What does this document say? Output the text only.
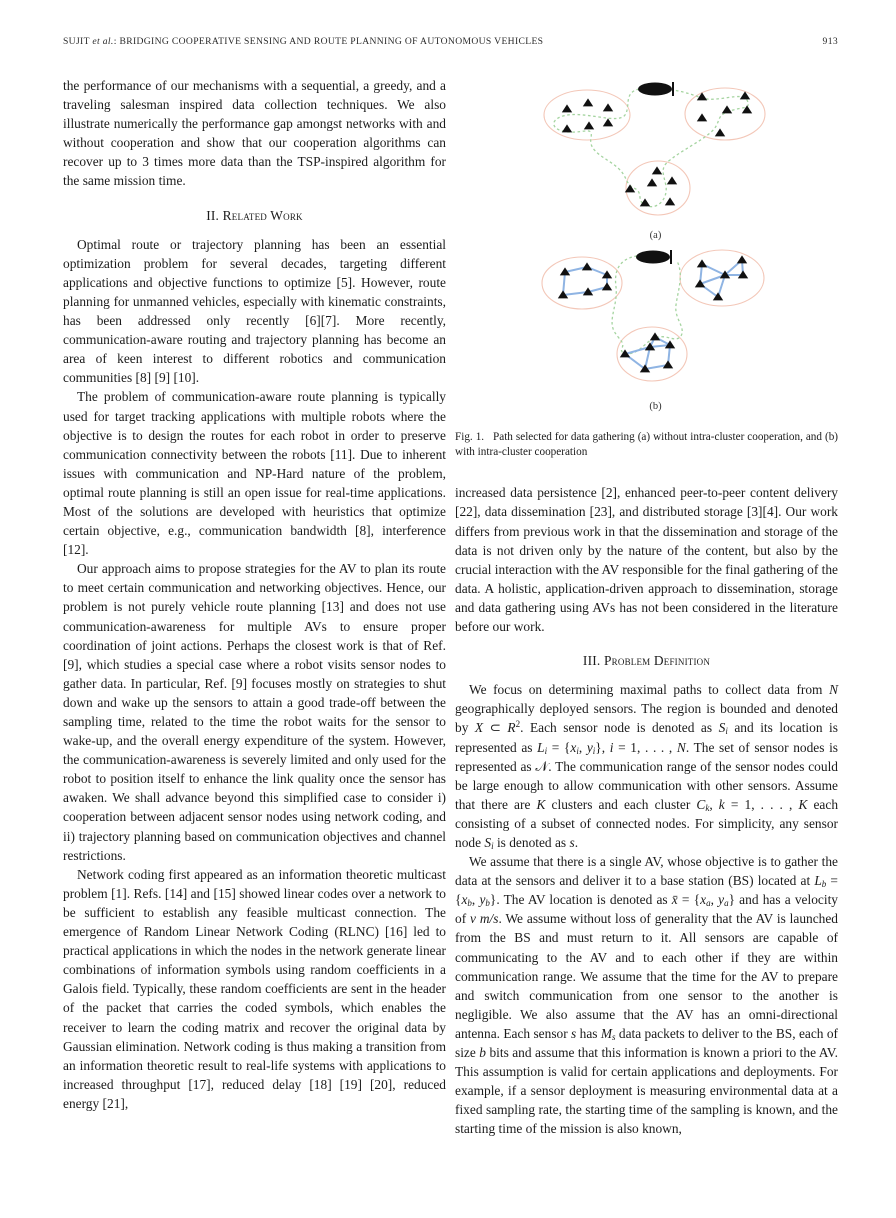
SUJIT et al.: BRIDGING COOPERATIVE SENSING AND ROUTE PLANNING OF AUTONOMOUS VEHICLES	913

the performance of our mechanisms with a sequential, a greedy, and a traveling salesman inspired data collection techniques. We also illustrate numerically the performance gap amongst networks with and without cooperation and show that our cooperation algorithms can recover up to 3 times more data than the TSP-inspired algorithm for the same mission time.

II. Related Work

Optimal route or trajectory planning has been an essential optimization problem for several decades, targeting different applications and objective functions to optimize [5]. However, route planning for unmanned vehicles, especially with kinematic constraints, has been addressed only recently [6][7]. More recently, communication-aware routing and trajectory planning has become an area of keen interest to different robotics and communication communities [8] [9] [10].

The problem of communication-aware route planning is typically used for target tracking applications with multiple robots where the objective is to design the routes for each robot in order to preserve communication connectivity between the robots [11]. Due to inherent issues with communication and NP-Hard nature of the problem, optimal route planning is still an open issue for real-time applications. Most of the solutions are developed with heuristics that optimize certain objective, e.g., communication bandwidth [8], interference [12].

Our approach aims to propose strategies for the AV to plan its route to meet certain communication and networking objectives. Hence, our problem is not purely vehicle route planning [13] and does not use communication-awareness for multiple AVs to ensure proper coordination of joint actions. Perhaps the closest work is that of Ref. [9], which studies a special case where a robot visits sensor nodes to gather data. In particular, Ref. [9] focuses mostly on strategies to shut down and wake up the sensors to attain a good trade-off between the sampling time, related to the time the robot waits for the sensor to wake-up, and the overall energy expenditure of the system. However, the communication-awareness is severely limited and only used for the robot to position itself to enhance the link quality once the sensor has awaken. We shall advance beyond this simplified case to consider i) cooperation between adjacent sensor nodes using network coding, and ii) trajectory planning based on communication objectives and channel restrictions.

Network coding first appeared as an information theoretic multicast problem [1]. Refs. [14] and [15] showed linear codes over a network to be sufficient to establish any feasible multicast connection. The emergence of Random Linear Network Coding (RLNC) [16] led to practical applications in which the nodes in the network generate linear combinations of information symbols using random coefficients in a Galois field. Typically, these random coefficients are sent in the header of the packet that carries the coded symbols, which enables the receiver to learn the coding matrix and recover the original data by Gaussian elimination. Network coding is thus making a transition from an information theoretic result to real-life systems with applications to increased throughput [17], reduced delay [18] [19] [20], reduced energy [21],

(a)
(b)
Fig. 1. Path selected for data gathering (a) without intra-cluster cooperation, and (b) with intra-cluster cooperation

increased data persistence [2], enhanced peer-to-peer content delivery [22], data dissemination [23], and distributed storage [3][4]. Our work differs from previous work in that the dissemination and storage of the data is not driven only by the nature of the content, but also by the crucial interaction with the AV responsible for the final gathering of the data. A holistic, application-driven approach to dissemination, storage and data gathering using AVs has not been considered in the literature before our work.

III. Problem Definition

We focus on determining maximal paths to collect data from N geographically deployed sensors. The region is bounded and denoted by X ⊂ $R^2$. Each sensor node is denoted as $S_i$ and its location is represented as $L_i = \{x_i$, $y_i$}, i = 1, . . . , N. The set of sensor nodes is represented as 𝒩. The communication range of the sensor nodes could be large enough to allow communication with other sensors. Assume that there are K clusters and each cluster $C_k$, k = 1, . . . , K each consisting of a subset of connected nodes. For simplicity, any sensor node $S_i$ is denoted as s.

We assume that there is a single AV, whose objective is to gather the data at the sensors and deliver it to a base station (BS) located at $L_b = \{x_b$, $y_b$}. The AV location is denoted as x̄ = {$x_a$, $y_a$} and has a velocity of v m/s. We assume without loss of generality that the AV is launched from the BS and must return to it. All sensors are capable of communicating to the AV and to each other if they are within communication range. We assume that the time for the AV to prepare and switch communication from one sensor to the another is negligible. We also assume that the AV has an omni-directional antenna. Each sensor s has $M_s$ data packets to deliver to the BS, each of size b bits and assume that this information is known a priori to the AV. This assumption is valid for certain applications and deployments. For example, if a sensor deployment is measuring environmental data at a fixed sampling rate, the starting time of the sampling is known, and the starting time of the mission is also known,
